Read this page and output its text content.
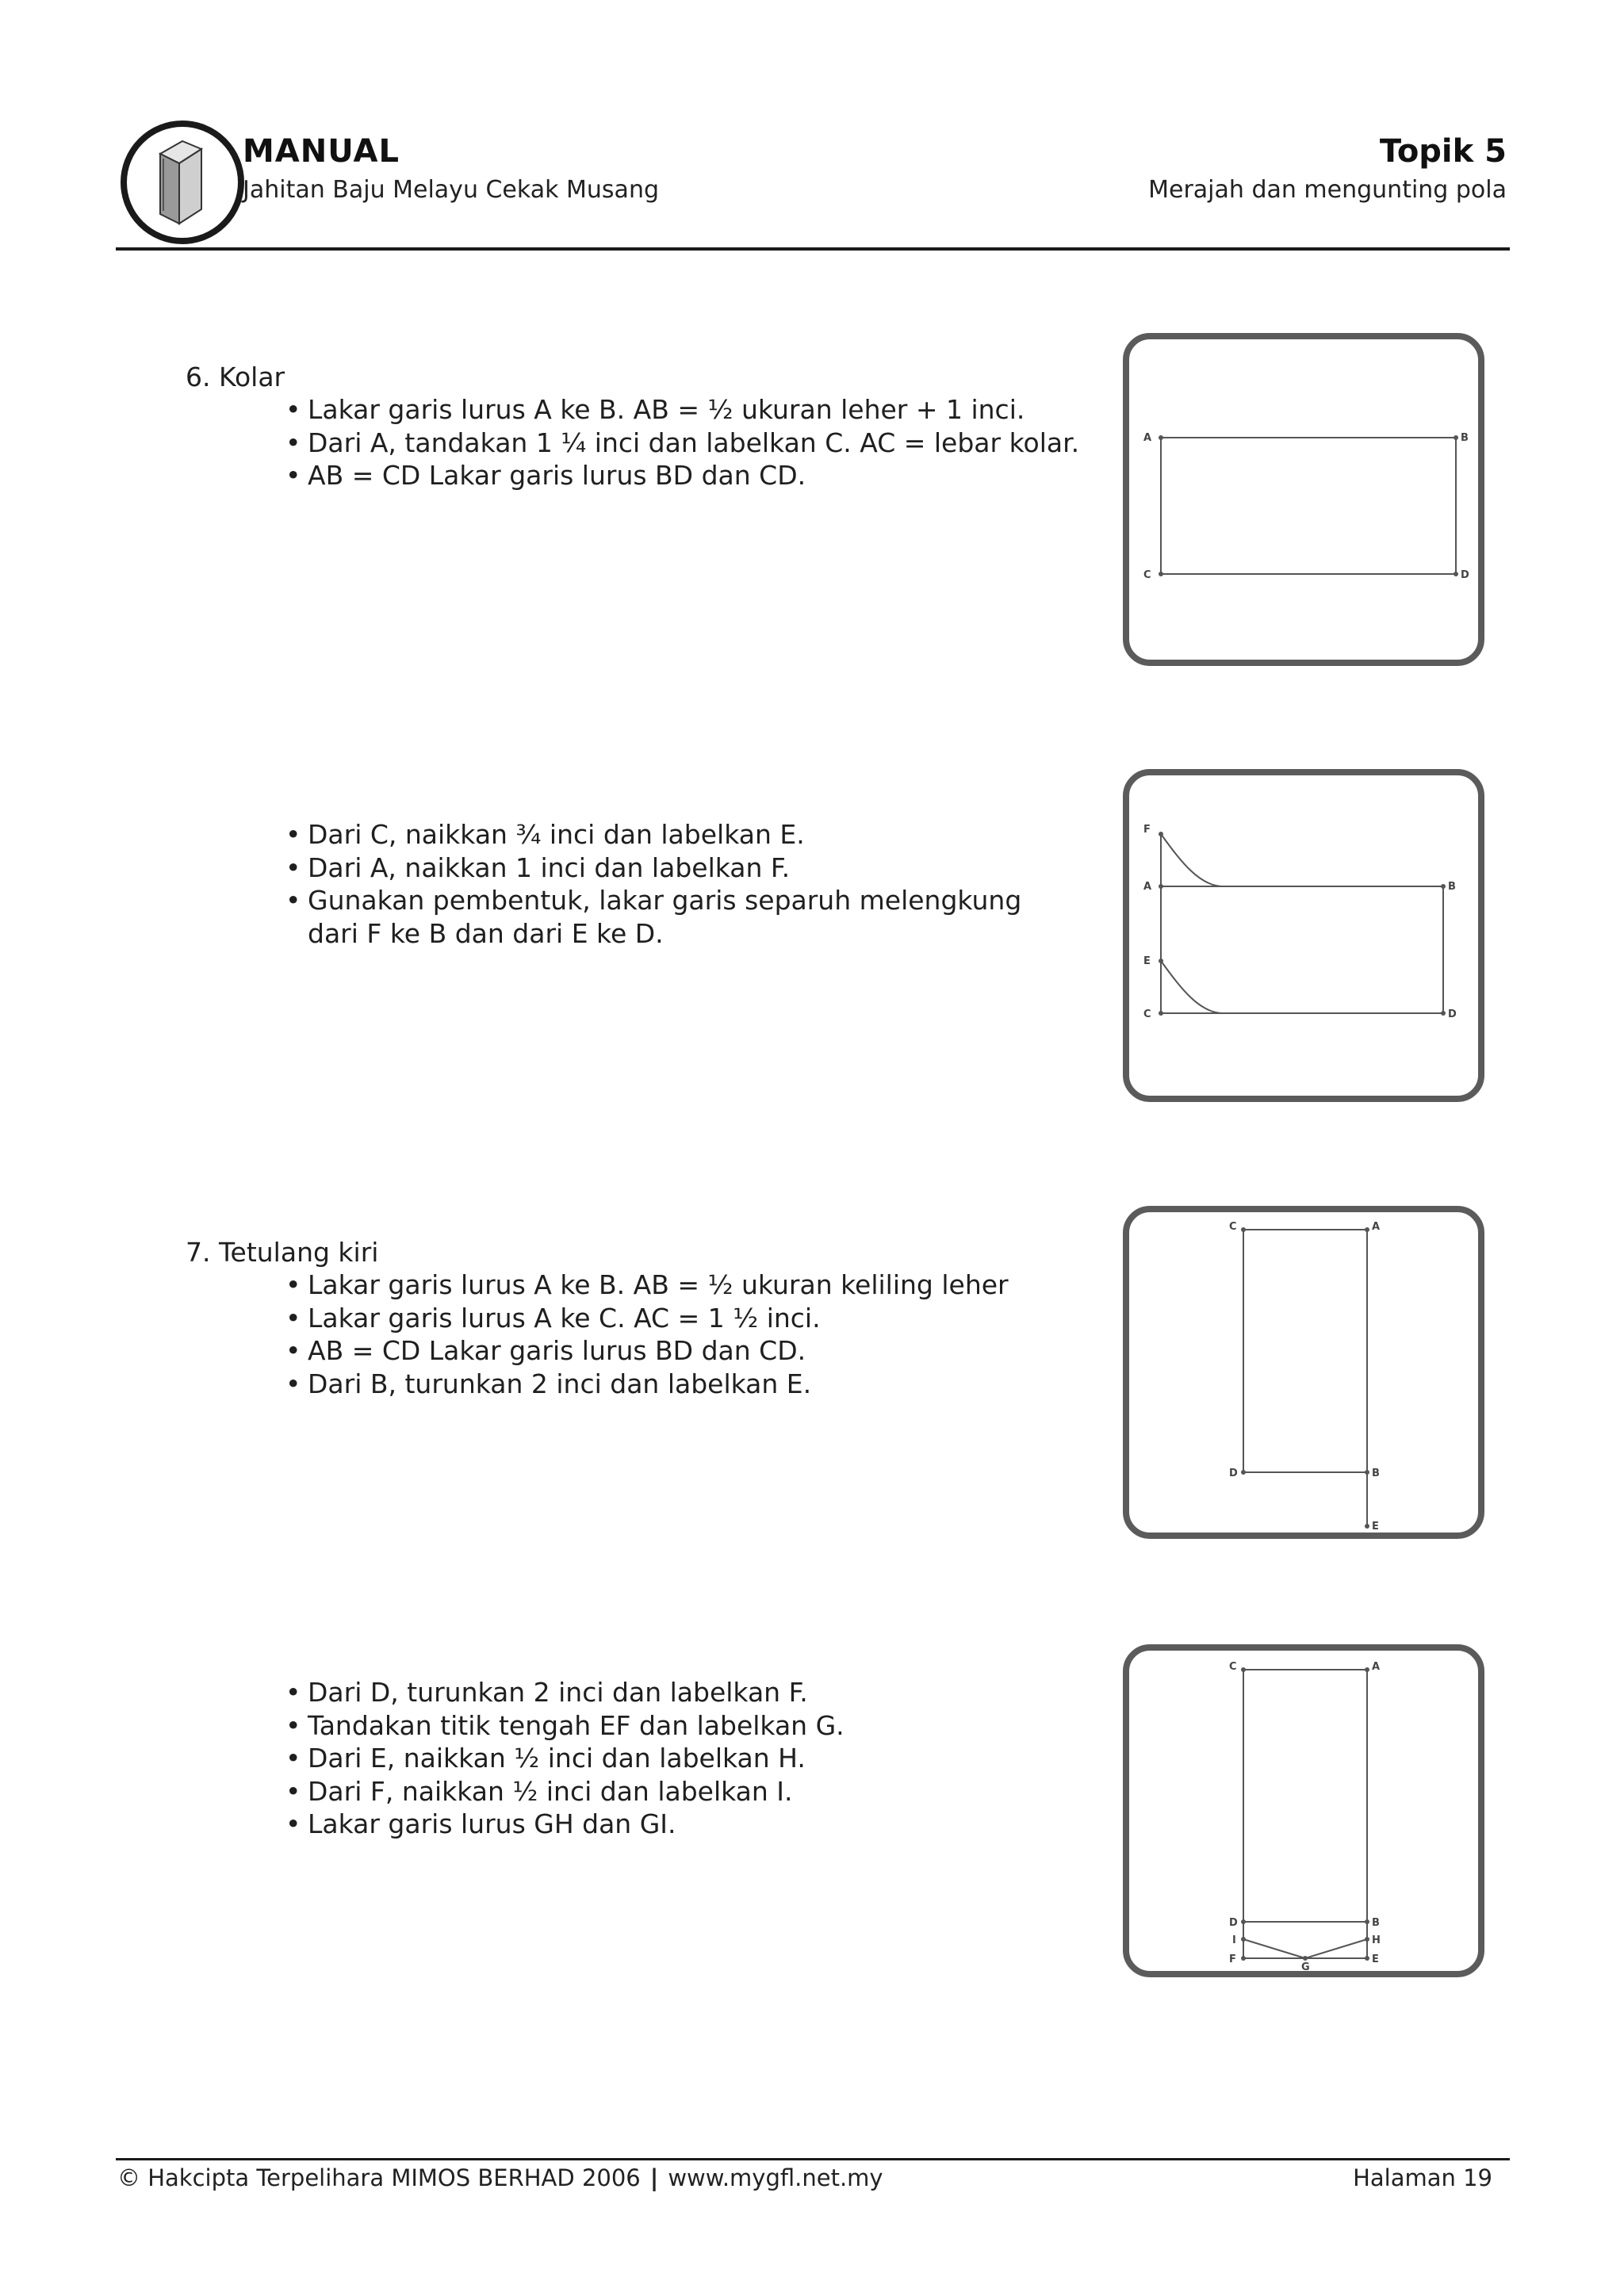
MANUAL
Jahitan Baju Melayu Cekak Musang
Topik 5
Merajah dan mengunting pola
6. Kolar
• Lakar garis lurus A ke B. AB = ½ ukuran leher + 1 inci.
• Dari A, tandakan 1 ¼ inci dan labelkan C. AC = lebar kolar.
• AB = CD Lakar garis lurus BD dan CD.
A	B
C	D
• Dari C, naikkan ¾ inci dan labelkan E.
• Dari A, naikkan 1 inci dan labelkan F.
• Gunakan pembentuk, lakar garis separuh melengkung
dari F ke B dan dari E ke D.
F
A	B
E
C	D
7. Tetulang kiri
• Lakar garis lurus A ke B. AB = ½ ukuran keliling leher
• Lakar garis lurus A ke C. AC = 1 ½ inci.
• AB = CD Lakar garis lurus BD dan CD.
• Dari B, turunkan 2 inci dan labelkan E.
C	A
D	B
E
• Dari D, turunkan 2 inci dan labelkan F.
• Tandakan titik tengah EF dan labelkan G.
• Dari E, naikkan ½ inci dan labelkan H.
• Dari F, naikkan ½ inci dan labelkan I.
• Lakar garis lurus GH dan GI.
C	A
D	B
I	H
F	E
G
© Hakcipta Terpelihara MIMOS BERHAD 2006 | www.mygfl.net.my	Halaman 19
